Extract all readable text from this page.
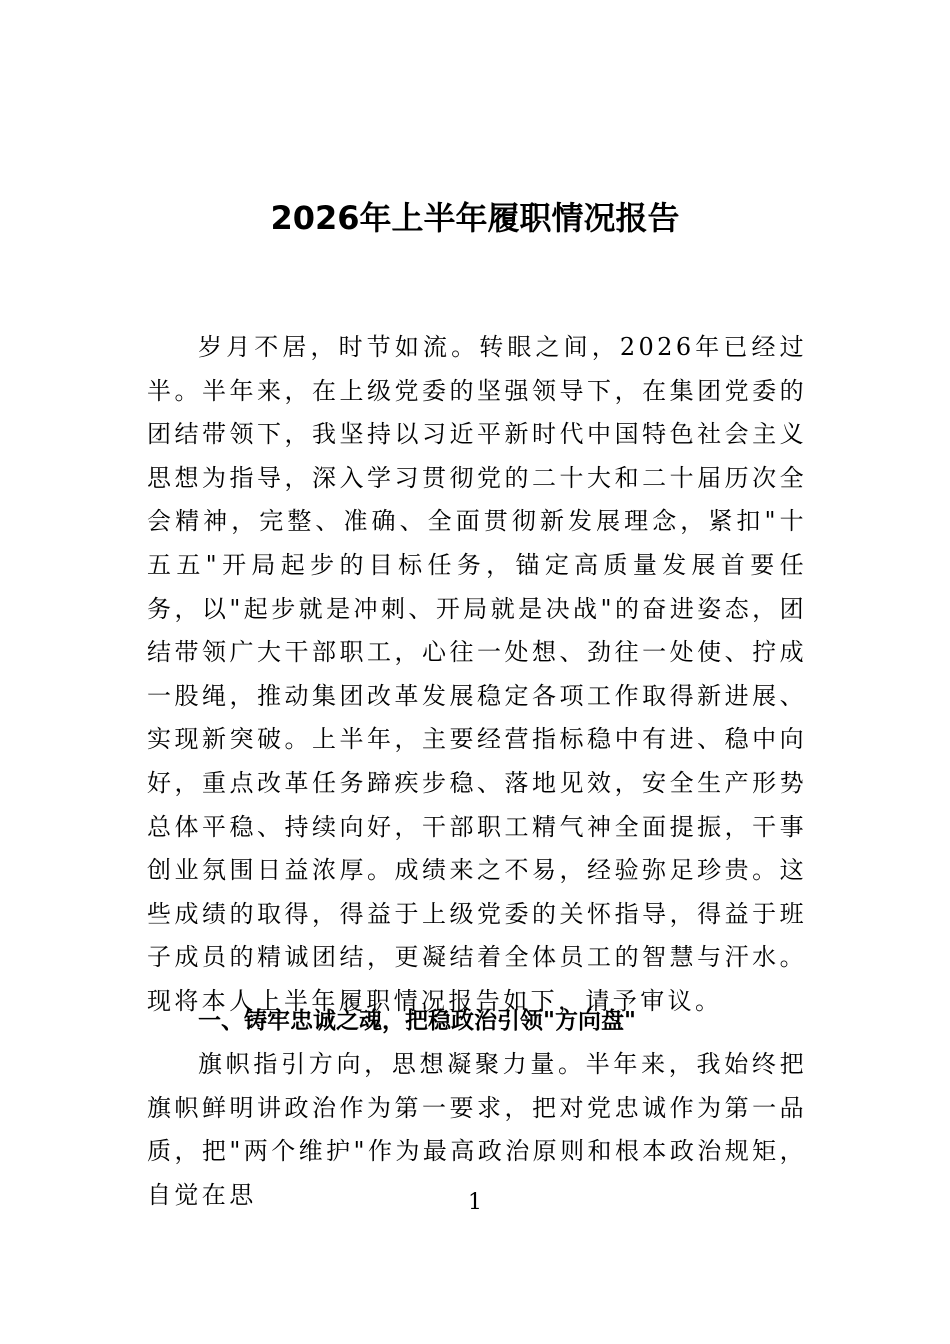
2026年上半年履职情况报告

岁月不居，时节如流。转眼之间，2026年已经过半。半年来，在上级党委的坚强领导下，在集团党委的团结带领下，我坚持以习近平新时代中国特色社会主义思想为指导，深入学习贯彻党的二十大和二十届历次全会精神，完整、准确、全面贯彻新发展理念，紧扣"十五五"开局起步的目标任务，锚定高质量发展首要任务，以"起步就是冲刺、开局就是决战"的奋进姿态，团结带领广大干部职工，心往一处想、劲往一处使、拧成一股绳，推动集团改革发展稳定各项工作取得新进展、实现新突破。上半年，主要经营指标稳中有进、稳中向好，重点改革任务蹄疾步稳、落地见效，安全生产形势总体平稳、持续向好，干部职工精气神全面提振，干事创业氛围日益浓厚。成绩来之不易，经验弥足珍贵。这些成绩的取得，得益于上级党委的关怀指导，得益于班子成员的精诚团结，更凝结着全体员工的智慧与汗水。现将本人上半年履职情况报告如下，请予审议。

一、铸牢忠诚之魂，把稳政治引领"方向盘"

旗帜指引方向，思想凝聚力量。半年来，我始终把旗帜鲜明讲政治作为第一要求，把对党忠诚作为第一品质，把"两个维护"作为最高政治原则和根本政治规矩，自觉在思	1
